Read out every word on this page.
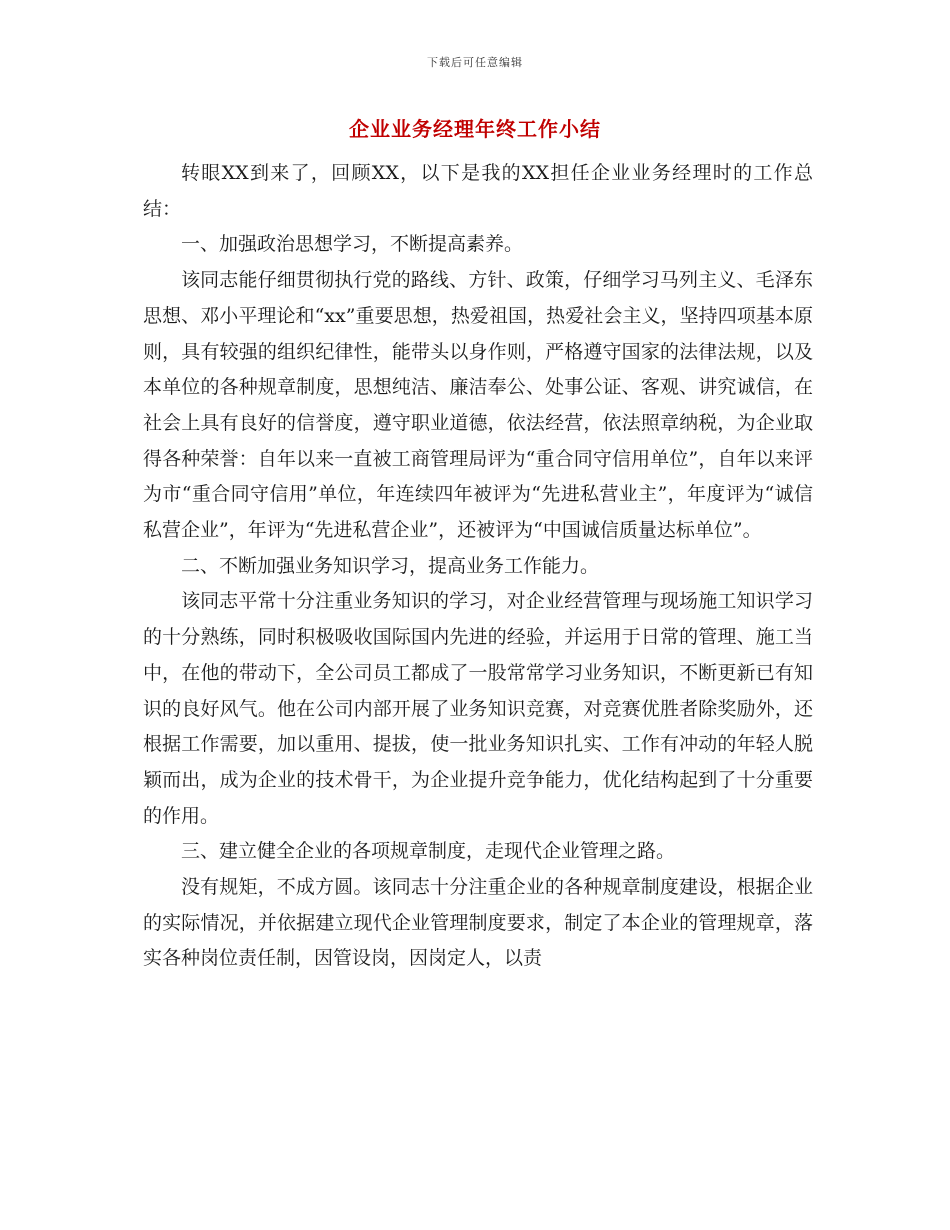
下载后可任意编辑
企业业务经理年终工作小结

转眼XX到来了，回顾XX，以下是我的XX担任企业业务经理时的工作总结：

一、加强政治思想学习，不断提高素养。

该同志能仔细贯彻执行党的路线、方针、政策，仔细学习马列主义、毛泽东思想、邓小平理论和“xx”重要思想，热爱祖国，热爱社会主义，坚持四项基本原则，具有较强的组织纪律性，能带头以身作则，严格遵守国家的法律法规，以及本单位的各种规章制度，思想纯洁、廉洁奉公、处事公证、客观、讲究诚信，在社会上具有良好的信誉度，遵守职业道德，依法经营，依法照章纳税，为企业取得各种荣誉：自年以来一直被工商管理局评为“重合同守信用单位”，自年以来评为市“重合同守信用”单位，年连续四年被评为“先进私营业主”，年度评为“诚信私营企业”，年评为“先进私营企业”，还被评为“中国诚信质量达标单位”。

二、不断加强业务知识学习，提高业务工作能力。

该同志平常十分注重业务知识的学习，对企业经营管理与现场施工知识学习的十分熟练，同时积极吸收国际国内先进的经验，并运用于日常的管理、施工当中，在他的带动下，全公司员工都成了一股常常学习业务知识，不断更新已有知识的良好风气。他在公司内部开展了业务知识竞赛，对竞赛优胜者除奖励外，还根据工作需要，加以重用、提拔，使一批业务知识扎实、工作有冲动的年轻人脱颖而出，成为企业的技术骨干，为企业提升竞争能力，优化结构起到了十分重要的作用。

三、建立健全企业的各项规章制度，走现代企业管理之路。

没有规矩，不成方圆。该同志十分注重企业的各种规章制度建设，根据企业的实际情况，并依据建立现代企业管理制度要求，制定了本企业的管理规章，落实各种岗位责任制，因管设岗，因岗定人，以责
